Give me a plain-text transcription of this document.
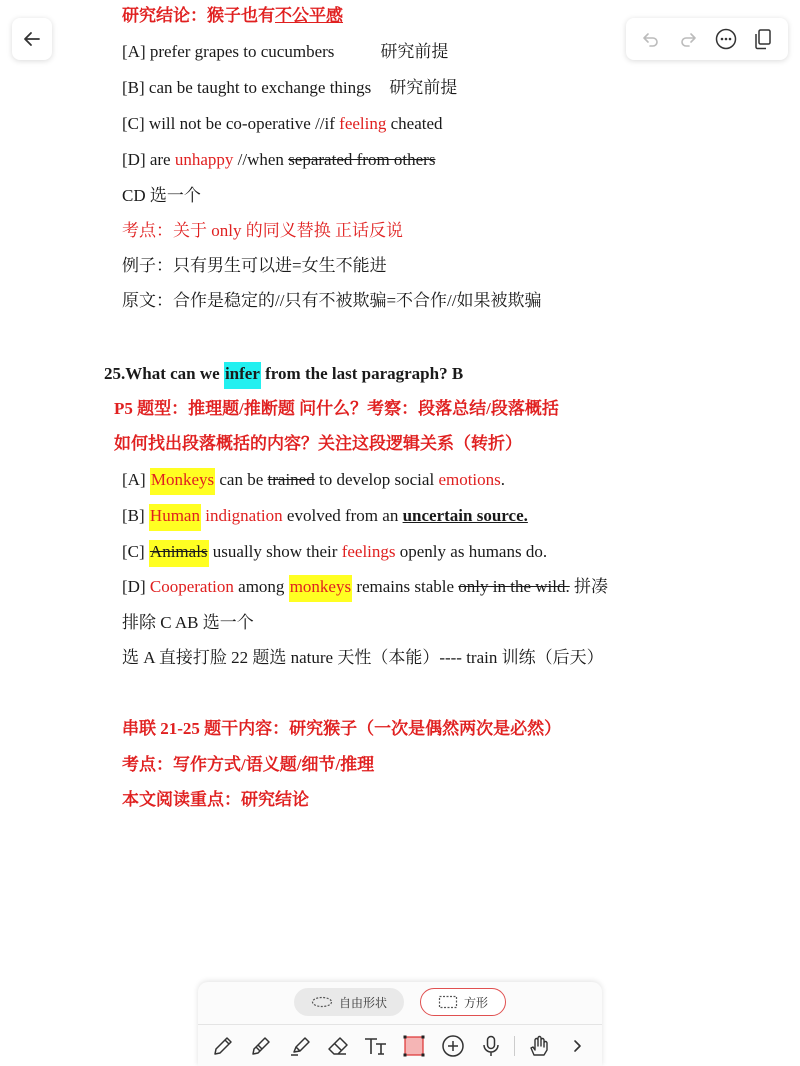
研究结论：猴子也有不公平感
[A] prefer grapes to cucumbers	研究前提
[B] can be taught to exchange things 研究前提
[C] will not be co-operative //if feeling cheated
[D] are unhappy //when separated from others
CD 选一个
考点：关于 only 的同义替换 正话反说
例子：只有男生可以进=女生不能进
原文：合作是稳定的//只有不被欺骗=不合作//如果被欺骗
25.What can we infer from the last paragraph? B
P5 题型：推理题/推断题 问什么？考察：段落总结/段落概括
如何找出段落概括的内容？关注这段逻辑关系（转折）
[A] Monkeys can be trained to develop social emotions.
[B] Human indignation evolved from an uncertain source.
[C] Animals usually show their feelings openly as humans do.
[D] Cooperation among monkeys remains stable only in the wild. 拼凑
排除 C AB 选一个
选 A 直接打脸 22 题选 nature 天性（本能）---- train 训练（后天）
串联 21-25 题干内容：研究猴子（一次是偶然两次是必然）
考点：写作方式/语义题/细节/推理
本文阅读重点：研究结论
自由形状	方形
